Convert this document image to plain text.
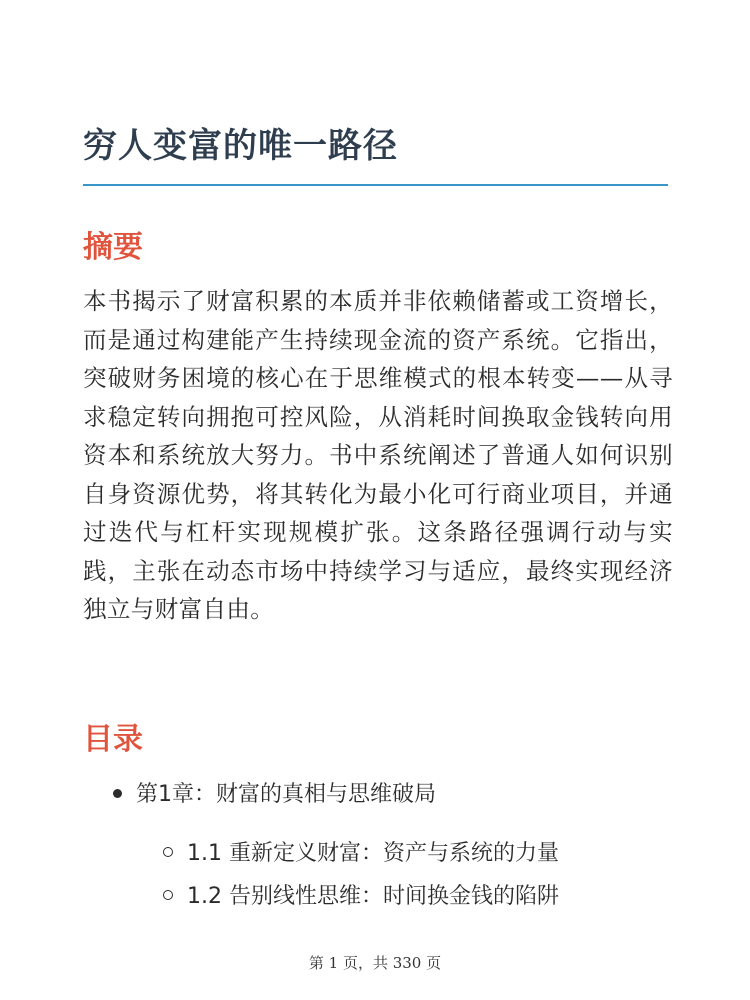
穷人变富的唯一路径
摘要

本书揭示了财富积累的本质并非依赖储蓄或工资增长，而是通过构建能产生持续现金流的资产系统。它指出，突破财务困境的核心在于思维模式的根本转变——从寻求稳定转向拥抱可控风险，从消耗时间换取金钱转向用资本和系统放大努力。书中系统阐述了普通人如何识别自身资源优势，将其转化为最小化可行商业项目，并通过迭代与杠杆实现规模扩张。这条路径强调行动与实践，主张在动态市场中持续学习与适应，最终实现经济独立与财富自由。

目录
第1章：财富的真相与思维破局
1.1 重新定义财富：资产与系统的力量
1.2 告别线性思维：时间换金钱的陷阱

第 1 页，共 330 页
